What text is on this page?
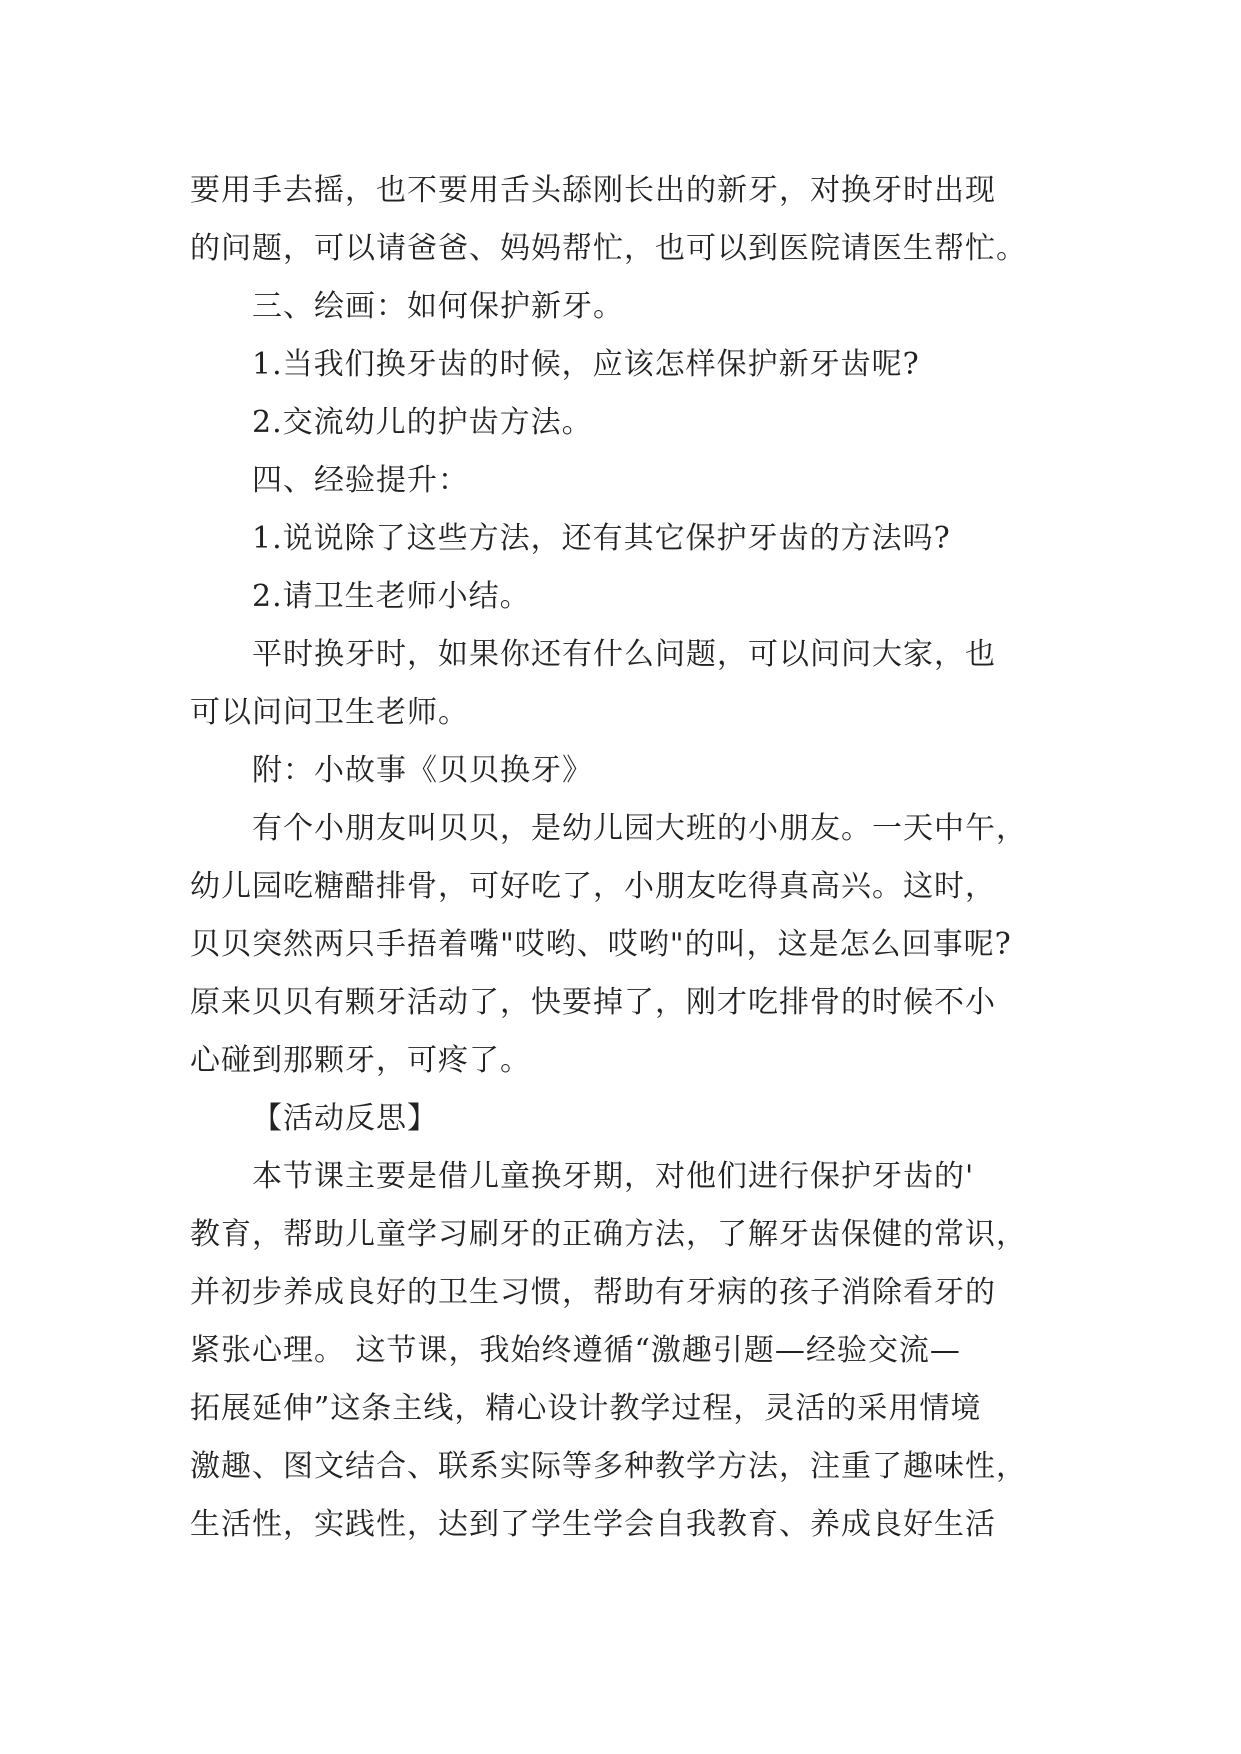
要用手去摇，也不要用舌头舔刚长出的新牙，对换牙时出现
的问题，可以请爸爸、妈妈帮忙，也可以到医院请医生帮忙。
三、绘画：如何保护新牙。
1.当我们换牙齿的时候，应该怎样保护新牙齿呢?
2.交流幼儿的护齿方法。
四、经验提升：
1.说说除了这些方法，还有其它保护牙齿的方法吗?
2.请卫生老师小结。
平时换牙时，如果你还有什么问题，可以问问大家，也
可以问问卫生老师。
附：小故事《贝贝换牙》
有个小朋友叫贝贝，是幼儿园大班的小朋友。一天中午，
幼儿园吃糖醋排骨，可好吃了，小朋友吃得真高兴。这时，
贝贝突然两只手捂着嘴"哎哟、哎哟"的叫，这是怎么回事呢?
原来贝贝有颗牙活动了，快要掉了，刚才吃排骨的时候不小
心碰到那颗牙，可疼了。
【活动反思】
本节课主要是借儿童换牙期，对他们进行保护牙齿的'
教育，帮助儿童学习刷牙的正确方法，了解牙齿保健的常识，
并初步养成良好的卫生习惯，帮助有牙病的孩子消除看牙的
紧张心理。 这节课，我始终遵循“激趣引题—经验交流—
拓展延伸”这条主线，精心设计教学过程，灵活的采用情境
激趣、图文结合、联系实际等多种教学方法，注重了趣味性，
生活性，实践性，达到了学生学会自我教育、养成良好生活
